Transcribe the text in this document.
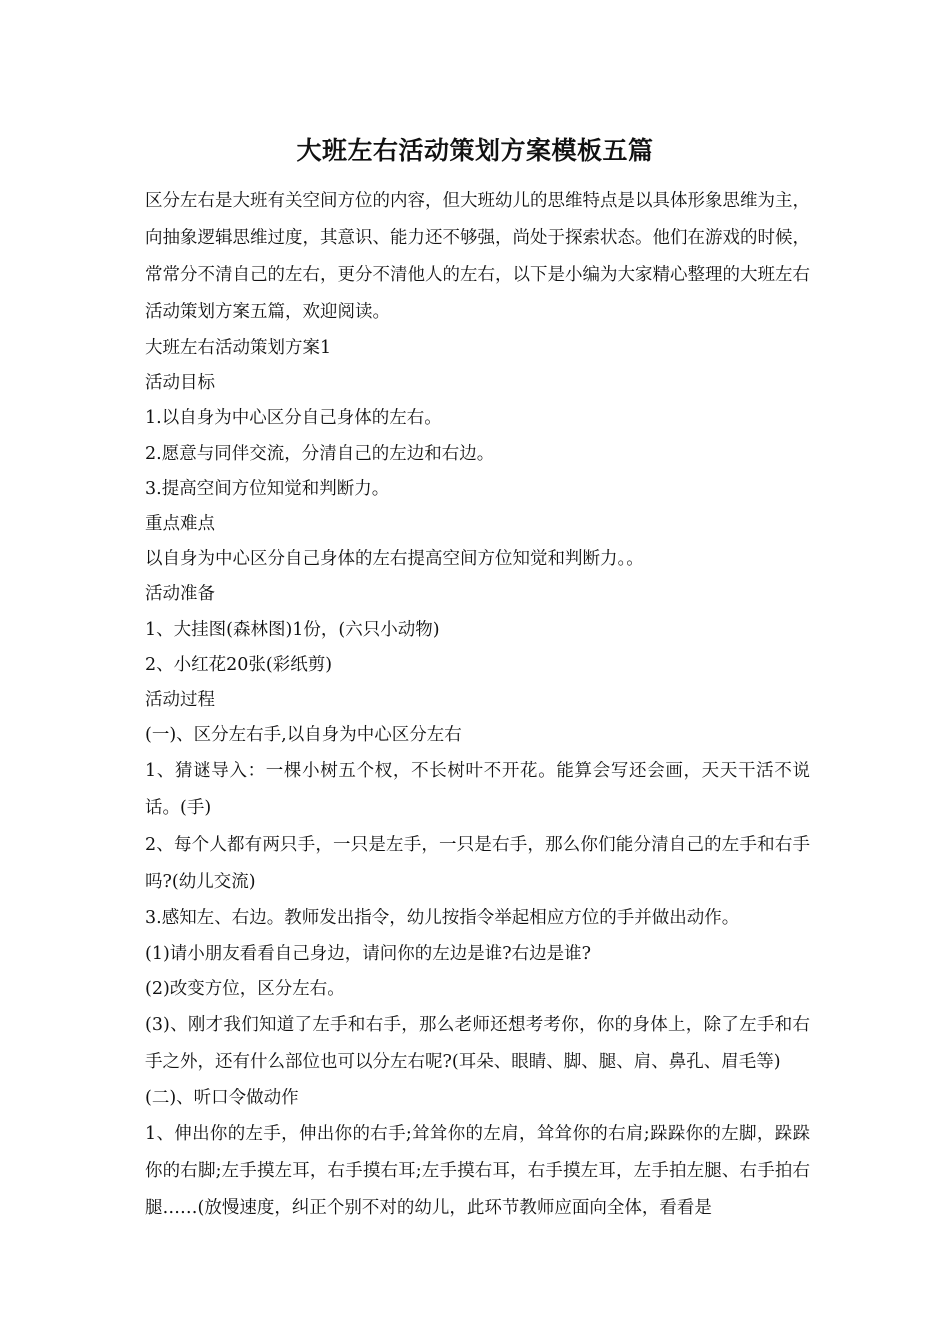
大班左右活动策划方案模板五篇

区分左右是大班有关空间方位的内容，但大班幼儿的思维特点是以具体形象思维为主，向抽象逻辑思维过度，其意识、能力还不够强，尚处于探索状态。他们在游戏的时候，常常分不清自己的左右，更分不清他人的左右，以下是小编为大家精心整理的大班左右活动策划方案五篇，欢迎阅读。

大班左右活动策划方案1

活动目标

1.以自身为中心区分自己身体的左右。

2.愿意与同伴交流，分清自己的左边和右边。

3.提高空间方位知觉和判断力。

重点难点

以自身为中心区分自己身体的左右提高空间方位知觉和判断力。。

活动准备

1、大挂图(森林图)1份，(六只小动物)

2、小红花20张(彩纸剪)

活动过程

(一)、区分左右手,以自身为中心区分左右

1、猜谜导入：一棵小树五个杈，不长树叶不开花。能算会写还会画，天天干活不说话。(手)

2、每个人都有两只手，一只是左手，一只是右手，那么你们能分清自己的左手和右手吗?(幼儿交流)

3.感知左、右边。教师发出指令，幼儿按指令举起相应方位的手并做出动作。

(1)请小朋友看看自己身边，请问你的左边是谁?右边是谁?

(2)改变方位，区分左右。

(3)、刚才我们知道了左手和右手，那么老师还想考考你，你的身体上，除了左手和右手之外，还有什么部位也可以分左右呢?(耳朵、眼睛、脚、腿、肩、鼻孔、眉毛等)

(二)、听口令做动作

1、伸出你的左手，伸出你的右手;耸耸你的左肩，耸耸你的右肩;跺跺你的左脚，跺跺你的右脚;左手摸左耳，右手摸右耳;左手摸右耳，右手摸左耳，左手拍左腿、右手拍右腿……(放慢速度，纠正个别不对的幼儿，此环节教师应面向全体，看看是
